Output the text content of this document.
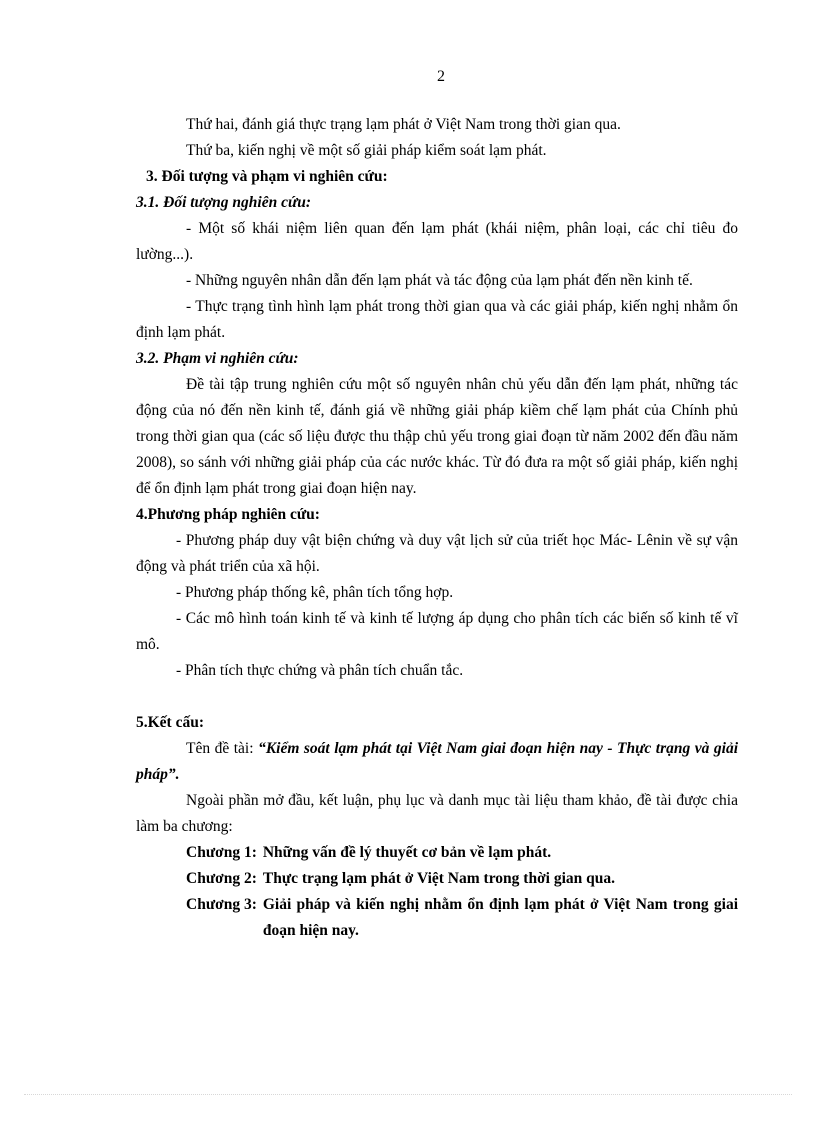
2

Thứ hai, đánh giá thực trạng lạm phát ở Việt Nam trong thời gian qua.

Thứ ba, kiến nghị về một số giải pháp kiểm soát lạm phát.

3. Đối tượng và phạm vi nghiên cứu:

3.1. Đối tượng nghiên cứu:

- Một số khái niệm liên quan đến lạm phát (khái niệm, phân loại, các chỉ tiêu đo lường...).

- Những nguyên nhân dẫn đến lạm phát và tác động của lạm phát đến nền kinh tế.

- Thực trạng tình hình lạm phát trong thời gian qua và các giải pháp, kiến nghị nhằm ổn định lạm phát.

3.2. Phạm vi nghiên cứu:

Đề tài tập trung nghiên cứu một số nguyên nhân chủ yếu dẫn đến lạm phát, những tác động của nó đến nền kinh tế, đánh giá về những giải pháp kiềm chế lạm phát của Chính phủ trong thời gian qua (các số liệu được thu thập chủ yếu trong giai đoạn từ năm 2002 đến đầu năm 2008), so sánh với những giải pháp của các nước khác. Từ đó đưa ra một số giải pháp, kiến nghị để ổn định lạm phát trong giai đoạn hiện nay.

4.Phương pháp nghiên cứu:

- Phương pháp duy vật biện chứng và duy vật lịch sử của triết học Mác- Lênin về sự vận động và phát triển của xã hội.

- Phương pháp thống kê, phân tích tổng hợp.

- Các mô hình toán kinh tế và kinh tế lượng áp dụng cho phân tích các biến số kinh tế vĩ mô.

- Phân tích thực chứng và phân tích chuẩn tắc.

5.Kết cấu:

Tên đề tài: “Kiểm soát lạm phát tại Việt Nam giai đoạn hiện nay - Thực trạng và giải pháp”.

Ngoài phần mở đầu, kết luận, phụ lục và danh mục tài liệu tham khảo, đề tài được chia làm ba chương:

Chương 1: Những vấn đề lý thuyết cơ bản về lạm phát.
Chương 2: Thực trạng lạm phát ở Việt Nam trong thời gian qua.
Chương 3: Giải pháp và kiến nghị nhằm ổn định lạm phát ở Việt Nam trong giai đoạn hiện nay.
